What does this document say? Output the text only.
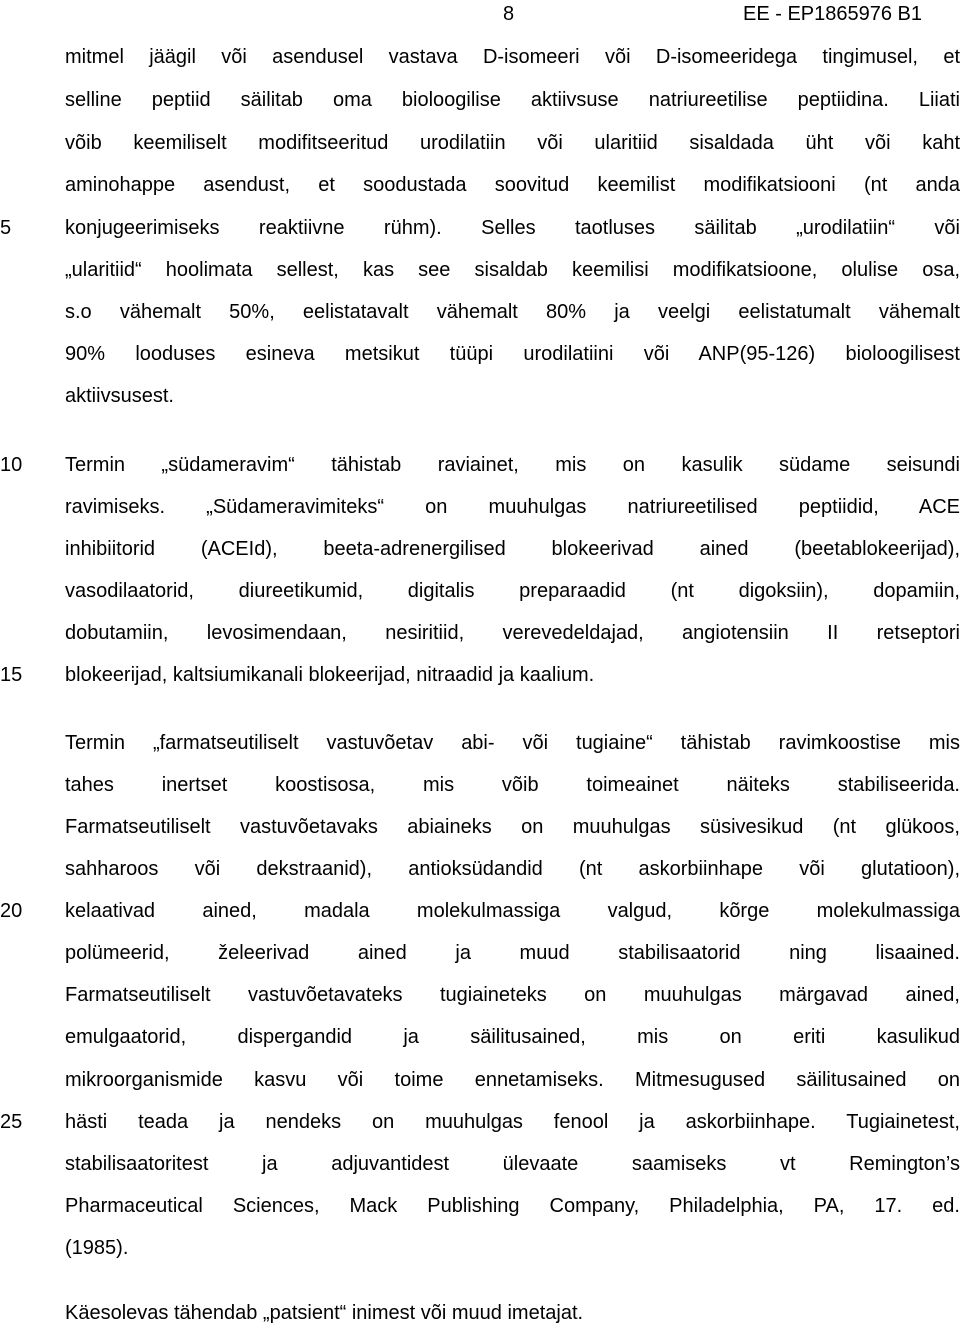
8	EE - EP1865976 B1
5
10
15
20
25
mitmel jäägil või asendusel vastava D-isomeeri või D-isomeeridega tingimusel, et
selline peptiid säilitab oma bioloogilise aktiivsuse natriureetilise peptiidina. Liiati
võib keemiliselt modifitseeritud urodilatiin või ularitiid sisaldada üht või kaht
aminohappe asendust, et soodustada soovitud keemilist modifikatsiooni (nt anda
konjugeerimiseks reaktiivne rühm). Selles taotluses säilitab „urodilatiin“ või
„ularitiid“ hoolimata sellest, kas see sisaldab keemilisi modifikatsioone, olulise osa,
s.o vähemalt 50%, eelistatavalt vähemalt 80% ja veelgi eelistatumalt vähemalt
90% looduses esineva metsikut tüüpi urodilatiini või ANP(95-126) bioloogilisest
aktiivsusest.
Termin „südameravim“ tähistab raviainet, mis on kasulik südame seisundi
ravimiseks. „Südameravimiteks“ on muuhulgas natriureetilised peptiidid, ACE
inhibiitorid (ACEId), beeta-adrenergilised blokeerivad ained (beetablokeerijad),
vasodilaatorid, diureetikumid, digitalis preparaadid (nt digoksiin), dopamiin,
dobutamiin, levosimendaan, nesiritiid, verevedeldajad, angiotensiin II retseptori
blokeerijad, kaltsiumikanali blokeerijad, nitraadid ja kaalium.
Termin „farmatseutiliselt vastuvõetav abi- või tugiaine“ tähistab ravimkoostise mis
tahes inertset koostisosa, mis võib toimeainet näiteks stabiliseerida.
Farmatseutiliselt vastuvõetavaks abiaineks on muuhulgas süsivesikud (nt glükoos,
sahharoos või dekstraanid), antioksüdandid (nt askorbiinhape või glutatioon),
kelaativad ained, madala molekulmassiga valgud, kõrge molekulmassiga
polümeerid, želeerivad ained ja muud stabilisaatorid ning lisaained.
Farmatseutiliselt vastuvõetavateks tugiaineteks on muuhulgas märgavad ained,
emulgaatorid, dispergandid ja säilitusained, mis on eriti kasulikud
mikroorganismide kasvu või toime ennetamiseks. Mitmesugused säilitusained on
hästi teada ja nendeks on muuhulgas fenool ja askorbiinhape. Tugiainetest,
stabilisaatoritest ja adjuvantidest ülevaate saamiseks vt Remington’s
Pharmaceutical Sciences, Mack Publishing Company, Philadelphia, PA, 17. ed.
(1985).
Käesolevas tähendab „patsient“ inimest või muud imetajat.
